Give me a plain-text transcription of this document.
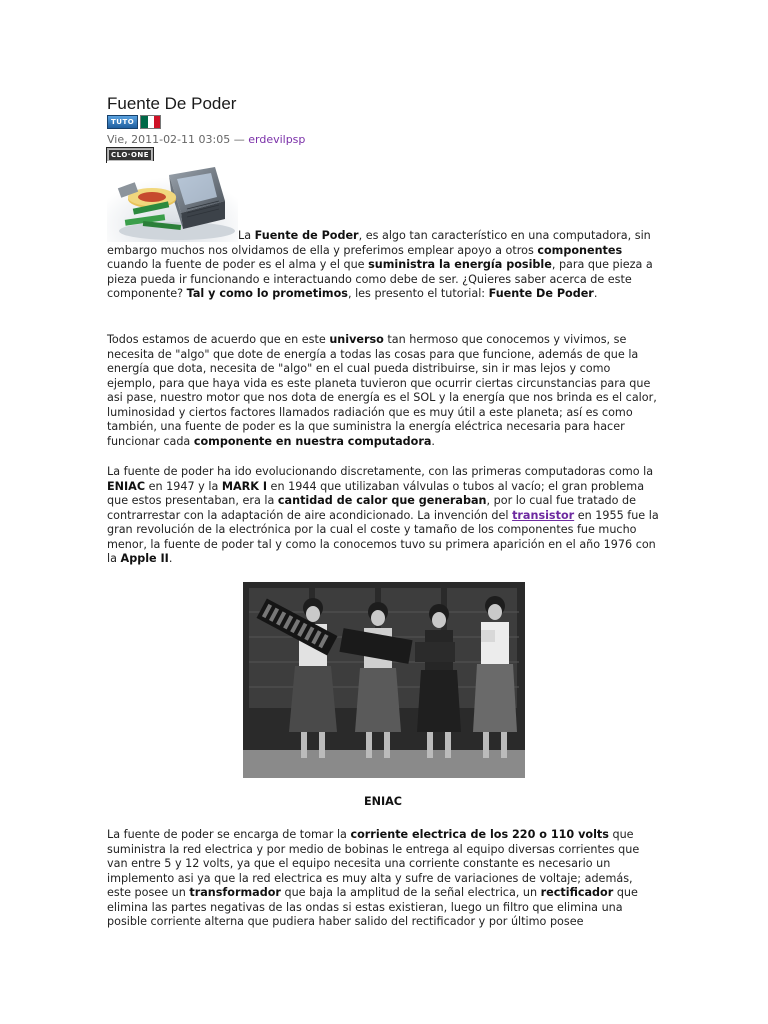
Fuente De Poder
TUTO
Vie, 2011-02-11 03:05 — erdevilpsp
CLO·ONE

La Fuente de Poder, es algo tan característico en una computadora, sin embargo muchos nos olvidamos de ella y preferimos emplear apoyo a otros componentes cuando la fuente de poder es el alma y el que suministra la energía posible, para que pieza a pieza pueda ir funcionando e interactuando como debe de ser. ¿Quieres saber acerca de este componente? Tal y como lo prometimos, les presento el tutorial: Fuente De Poder.

Todos estamos de acuerdo que en este universo tan hermoso que conocemos y vivimos, se necesita de "algo" que dote de energía a todas las cosas para que funcione, además de que la energía que dota, necesita de "algo" en el cual pueda distribuirse, sin ir mas lejos y como ejemplo, para que haya vida es este planeta tuvieron que ocurrir ciertas circunstancias para que asi pase, nuestro motor que nos dota de energía es el SOL y la energía que nos brinda es el calor, luminosidad y ciertos factores llamados radiación que es muy útil a este planeta; así es como también, una fuente de poder es la que suministra la energía eléctrica necesaria para hacer funcionar cada componente en nuestra computadora.

La fuente de poder ha ido evolucionando discretamente, con las primeras computadoras como la ENIAC en 1947 y la MARK I en 1944 que utilizaban válvulas o tubos al vacío; el gran problema que estos presentaban, era la cantidad de calor que generaban, por lo cual fue tratado de contrarrestar con la adaptación de aire acondicionado. La invención del transistor en 1955 fue la gran revolución de la electrónica por la cual el coste y tamaño de los componentes fue mucho menor, la fuente de poder tal y como la conocemos tuvo su primera aparición en el año 1976 con la Apple II.

ENIAC

La fuente de poder se encarga de tomar la corriente electrica de los 220 o 110 volts que suministra la red electrica y por medio de bobinas le entrega al equipo diversas corrientes que van entre 5 y 12 volts, ya que el equipo necesita una corriente constante es necesario un implemento asi ya que la red electrica es muy alta y sufre de variaciones de voltaje; además, este posee un transformador que baja la amplitud de la señal electrica, un rectificador que elimina las partes negativas de las ondas si estas existieran, luego un filtro que elimina una posible corriente alterna que pudiera haber salido del rectificador y por último posee
